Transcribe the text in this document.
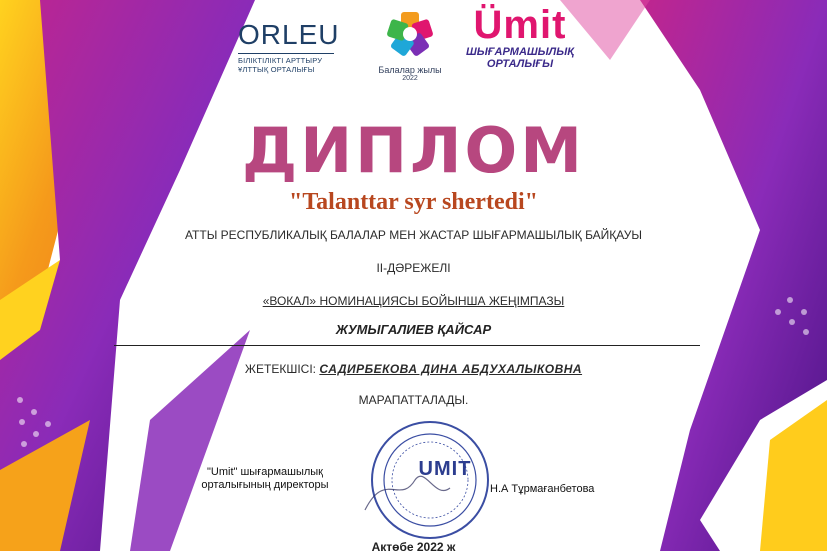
ORLEU
БІЛІКТІЛІКТІ АРТТЫРУ
ҰЛТТЫҚ ОРТАЛЫҒЫ	Балалар жылы
2022
Ümit
ШЫҒАРМАШЫЛЫҚ
ОРТАЛЫҒЫ
ДИПЛОМ
"Talanttar syr shertedi"
АТТЫ РЕСПУБЛИКАЛЫҚ БАЛАЛАР МЕН ЖАСТАР ШЫҒАРМАШЫЛЫҚ БАЙҚАУЫ
ІІ-ДӘРЕЖЕЛІ
«ВОКАЛ» НОМИНАЦИЯСЫ БОЙЫНША ЖЕҢІМПАЗЫ
ЖУМЫГАЛИЕВ ҚАЙСАР
ЖЕТЕКШІСІ: САДИРБЕКОВА ДИНА АБДУХАЛЫКОВНА
МАРАПАТТАЛАДЫ.
UMIT
"Umit" шығармашылық
орталығының директоры	Н.А Тұрмағанбетова
Актөбе 2022 ж
